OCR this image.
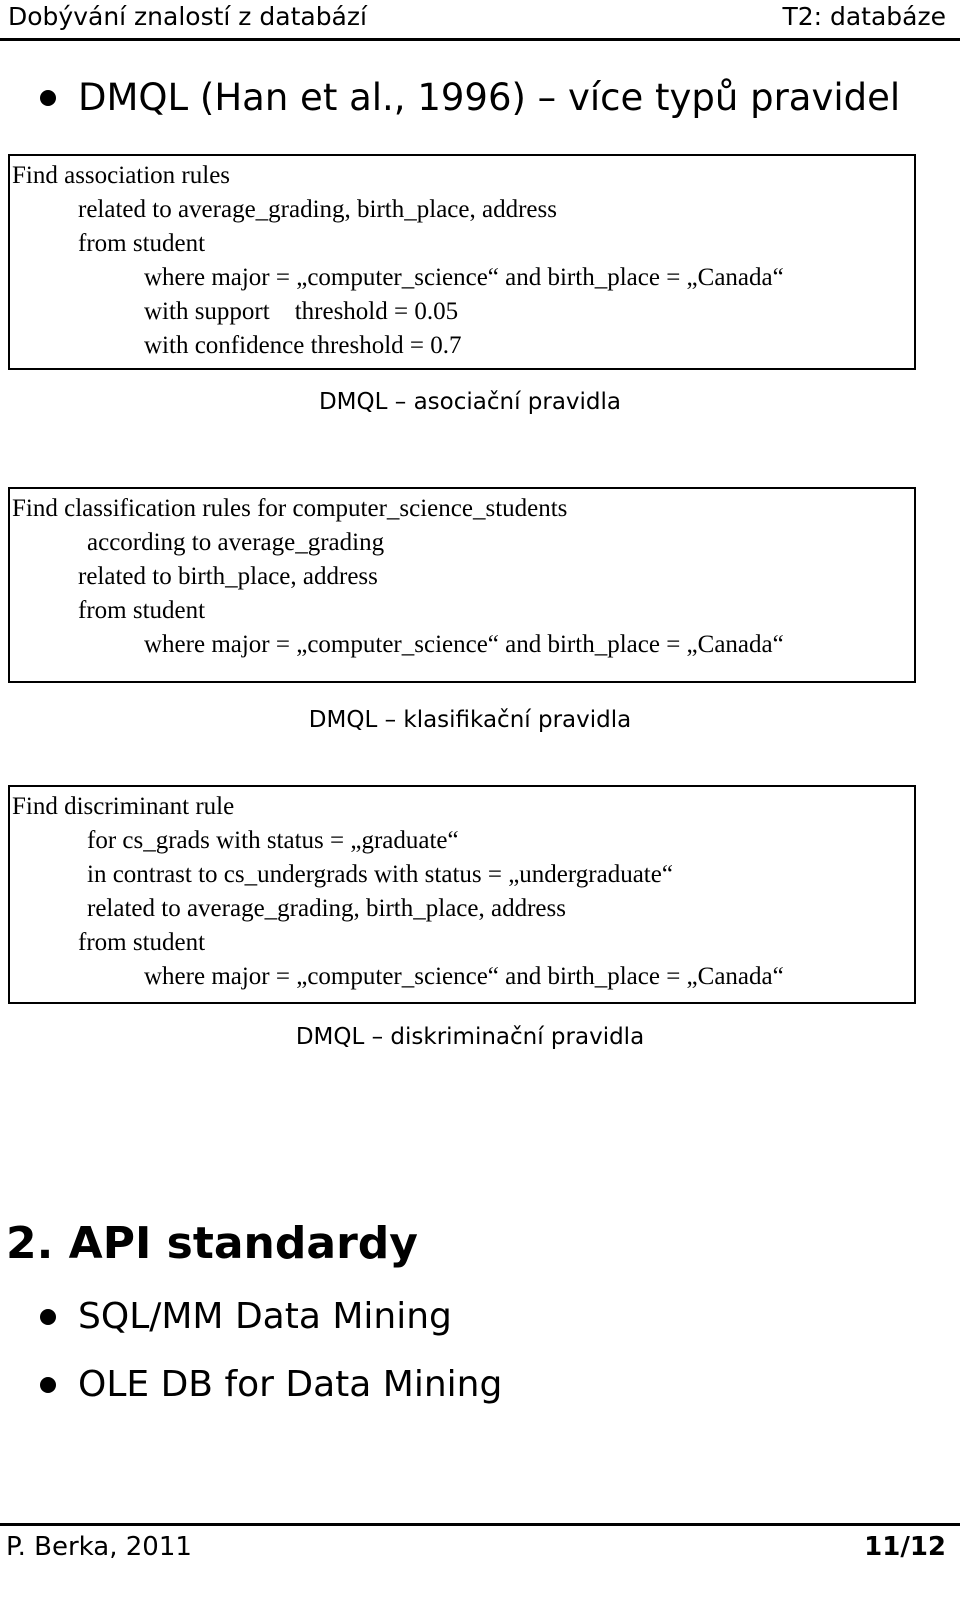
Dobývání znalostí z databází	T2: databáze
DMQL (Han et al., 1996) – více typů pravidel
Find association rules
related to average_grading, birth_place, address
from student
where major = „computer_science“ and birth_place = „Canada“
with support    threshold = 0.05
with confidence threshold = 0.7
DMQL – asociační pravidla
Find classification rules for computer_science_students
according to average_grading
related to birth_place, address
from student
where major = „computer_science“ and birth_place = „Canada“
DMQL – klasifikační pravidla
Find discriminant rule
for cs_grads with status = „graduate“
in contrast to cs_undergrads with status = „undergraduate“
related to average_grading, birth_place, address
from student
where major = „computer_science“ and birth_place = „Canada“
DMQL – diskriminační pravidla
2. API standardy
SQL/MM Data Mining
OLE DB for Data Mining
P. Berka, 2011	11/12
